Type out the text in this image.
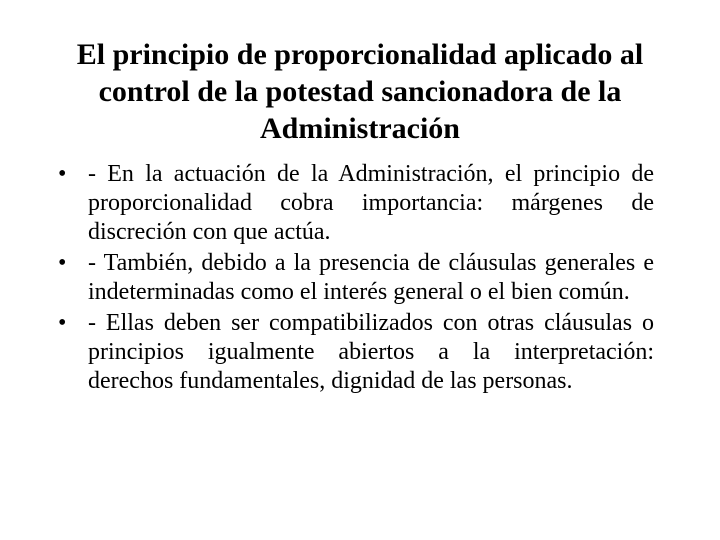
El principio de proporcionalidad aplicado al control de la potestad sancionadora de la Administración
• - En la actuación de la Administración, el principio de proporcionalidad cobra importancia: márgenes de discreción con que actúa.
• - También, debido a la presencia de cláusulas generales e indeterminadas como el interés general o el bien común.
• - Ellas deben ser compatibilizados con otras cláusulas o principios igualmente abiertos a la interpretación: derechos fundamentales, dignidad de las personas.
